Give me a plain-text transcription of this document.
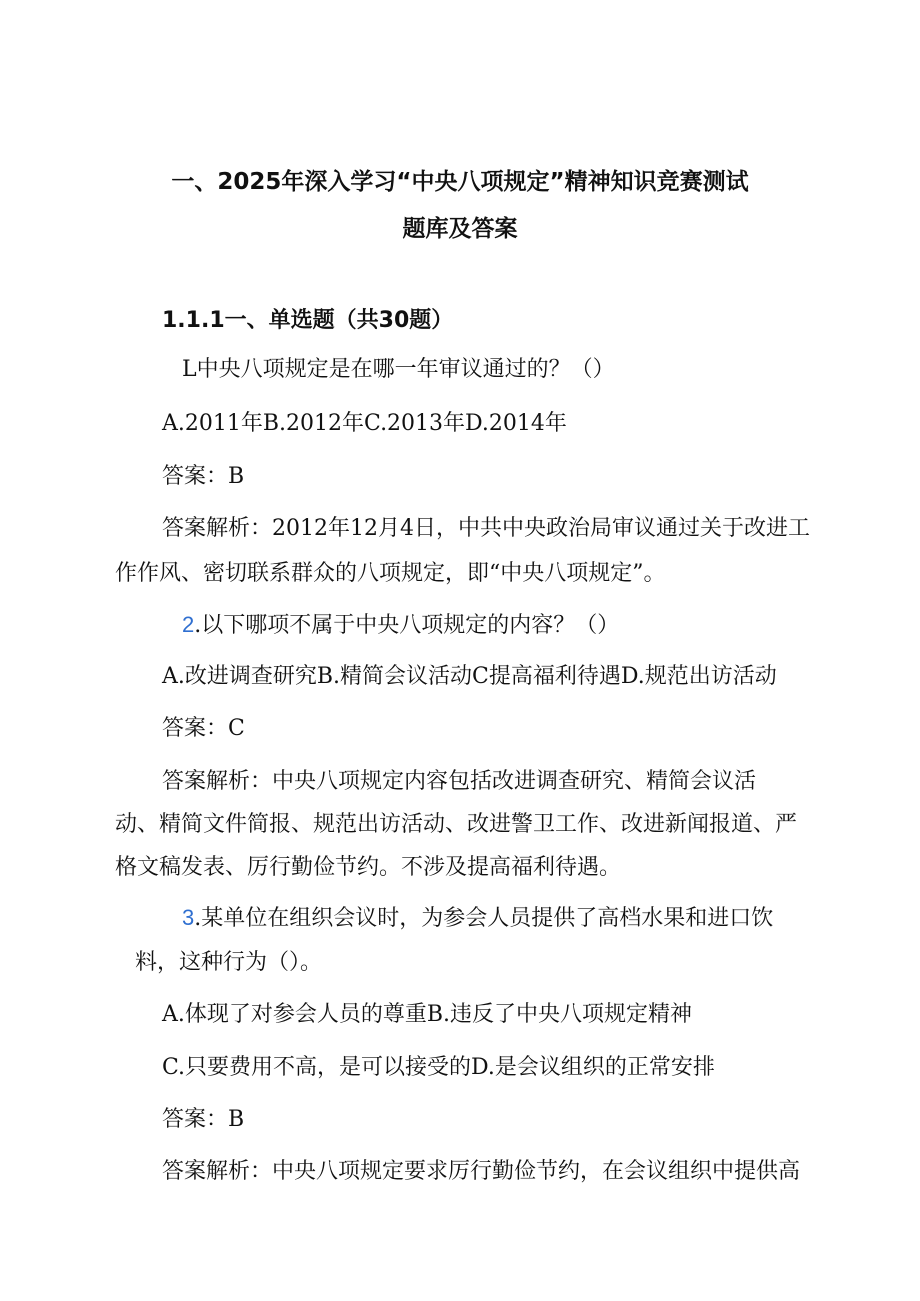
一、2025年深入学习“中央八项规定”精神知识竞赛测试
题库及答案
1.1.1一、单选题（共30题）
L中央八项规定是在哪一年审议通过的？（）
A.2011年B.2012年C.2013年D.2014年
答案：B
答案解析：2012年12月4日，中共中央政治局审议通过关于改进工
作作风、密切联系群众的八项规定，即“中央八项规定”。
2.以下哪项不属于中央八项规定的内容？（）
A.改进调查研究B.精简会议活动C提高福利待遇D.规范出访活动
答案：C
答案解析：中央八项规定内容包括改进调查研究、精简会议活
动、精简文件简报、规范出访活动、改进警卫工作、改进新闻报道、严
格文稿发表、厉行勤俭节约。不涉及提高福利待遇。
3.某单位在组织会议时，为参会人员提供了高档水果和进口饮
料，这种行为（）。
A.体现了对参会人员的尊重B.违反了中央八项规定精神
C.只要费用不高，是可以接受的D.是会议组织的正常安排
答案：B
答案解析：中央八项规定要求厉行勤俭节约，在会议组织中提供高
